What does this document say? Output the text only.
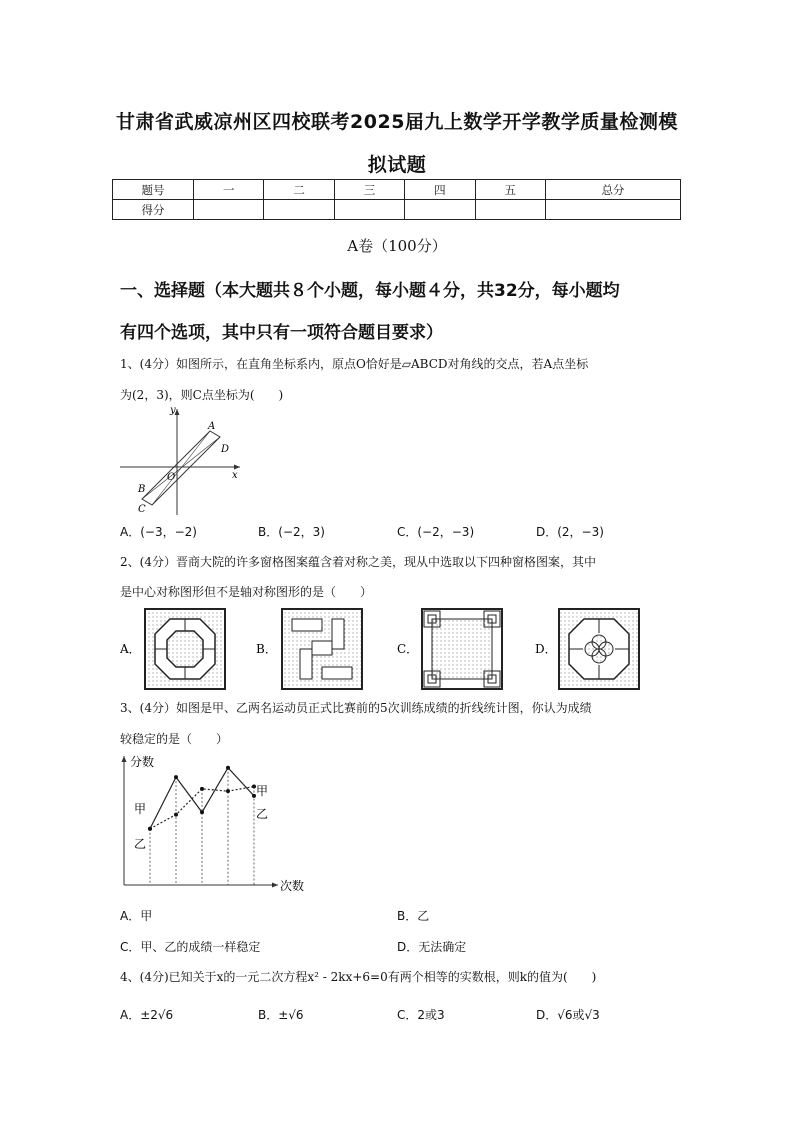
甘肃省武威凉州区四校联考2025届九上数学开学教学质量检测模
拟试题
题号	一	二	三	四	五	总分
得分						
A卷（100分）
一、选择题（本大题共８个小题，每小题４分，共32分，每小题均
有四个选项，其中只有一项符合题目要求）
1、(4分）如图所示，在直角坐标系内，原点O恰好是▱ABCD对角线的交点，若A点坐标
为(2，3)，则C点坐标为(　　)
y
x
A
D
B
C
O
A．(−3，−2)	B．(−2，3)	C．(−2，−3)	D．(2，−3)
2、(4分）晋商大院的许多窗格图案蕴含着对称之美，现从中选取以下四种窗格图案，其中
是中心对称图形但不是轴对称图形的是（　　）
A．	B．	C．	D．
3、(4分）如图是甲、乙两名运动员正式比赛前的5次训练成绩的折线统计图，你认为成绩
较稳定的是（　　）
分数
次数
甲
乙
甲
乙
A．甲	B．乙
C．甲、乙的成绩一样稳定	D．无法确定
4、(4分)已知关于x的一元二次方程x² - 2kx+6=0有两个相等的实数根，则k的值为(　　)
A．±2√6	B．±√6	C．2或3	D．√6或√3
